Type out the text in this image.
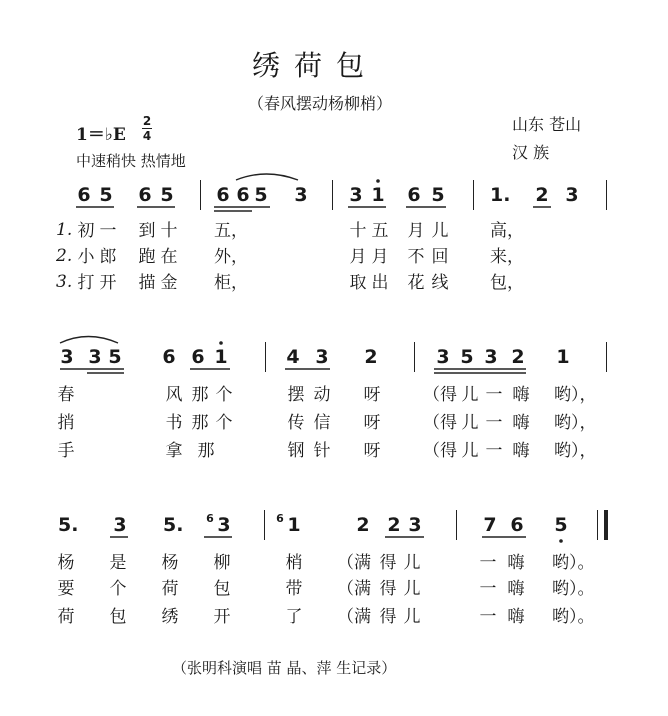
绣荷包
（春风摆动杨柳梢）
山东 苍山
汉 族
1＝♭E
2
4
中速稍快 热情地
6 5 6 5 6 6 5 3 3 1 6 5 1. 2 3
1. 初 一 到 十 五，	十 五 月 儿 高，
2. 小 郎 跑 在 外，	月 月 不 回 来，
3. 打 开 描 金 柜，	取 出 花 线 包，
3 3 5 6 6 1	4 3 2	3 5 3 2 1
春	风 那 个	摆 动 呀	（得 儿 一 嗨 哟），
捎	书 那 个	传 信 呀	（得 儿 一 嗨 哟），
手	拿 那	钢 针 呀	（得 儿 一 嗨 哟），
5. 3 5. 6 3	6 1	2 2 3	7 6 5
杨 是 杨 柳	梢 （满 得 儿	一 嗨 哟）。
要 个 荷 包	带 （满 得 儿	一 嗨 哟）。
荷 包 绣 开	了 （满 得 儿	一 嗨 哟）。
（张明科演唱 苗 晶、萍 生记录）
